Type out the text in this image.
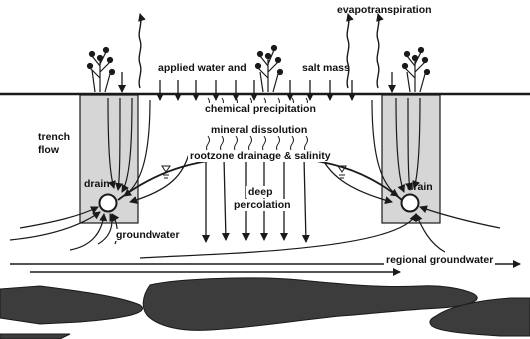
evapotranspiration
applied water and	salt mass
trench
flow
chemical precipitation
mineral dissolution
rootzone drainage & salinity
drain	drain
deep
percolation
groundwater
regional groundwater
